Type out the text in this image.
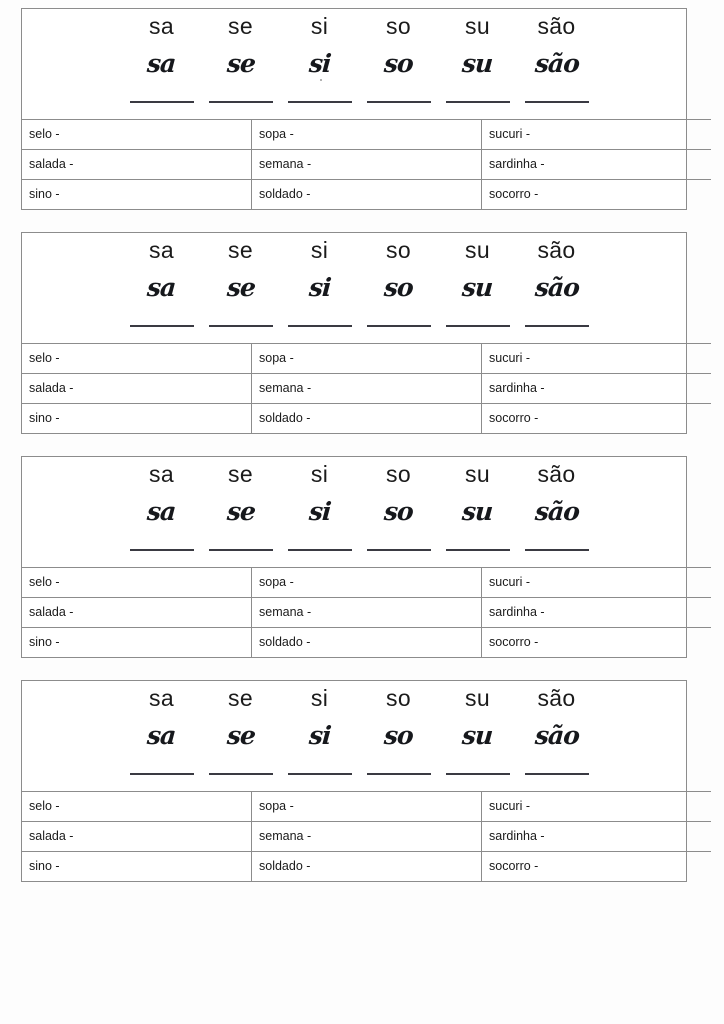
sa	se	si	so	su	são
sa	se	si	so	su	são
selo -	sopa -	sucuri -
salada -	semana -	sardinha -
sino -	soldado -	socorro -
sa	se	si	so	su	são
sa	se	si	so	su	são
selo -	sopa -	sucuri -
salada -	semana -	sardinha -
sino -	soldado -	socorro -
sa	se	si	so	su	são
sa	se	si	so	su	são
selo -	sopa -	sucuri -
salada -	semana -	sardinha -
sino -	soldado -	socorro -
sa	se	si	so	su	são
sa	se	si	so	su	são
selo -	sopa -	sucuri -
salada -	semana -	sardinha -
sino -	soldado -	socorro -
